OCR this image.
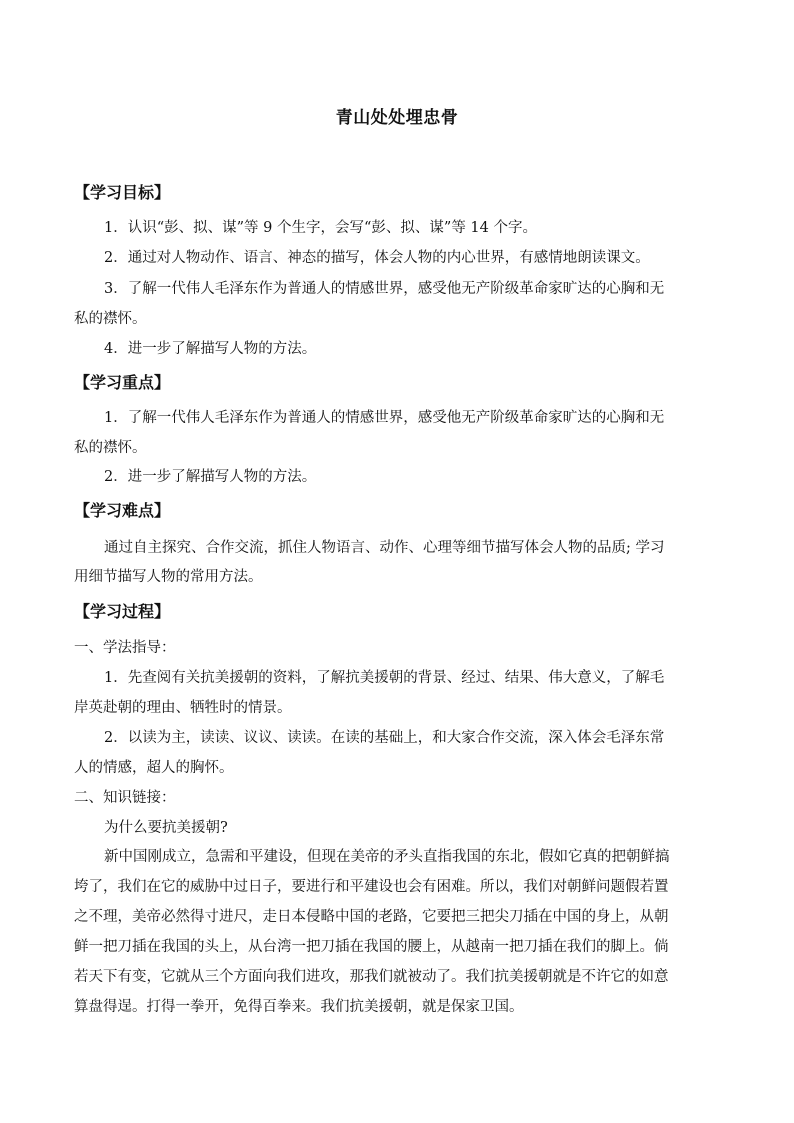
青山处处埋忠骨
【学习目标】
1．认识“彭、拟、谋”等 9 个生字，会写“彭、拟、谋”等 14 个字。
2．通过对人物动作、语言、神态的描写，体会人物的内心世界，有感情地朗读课文。
3．了解一代伟人毛泽东作为普通人的情感世界，感受他无产阶级革命家旷达的心胸和无
私的襟怀。
4．进一步了解描写人物的方法。
【学习重点】
1．了解一代伟人毛泽东作为普通人的情感世界，感受他无产阶级革命家旷达的心胸和无
私的襟怀。
2．进一步了解描写人物的方法。
【学习难点】
通过自主探究、合作交流，抓住人物语言、动作、心理等细节描写体会人物的品质; 学习
用细节描写人物的常用方法。
【学习过程】
一、学法指导：
1．先查阅有关抗美援朝的资料，了解抗美援朝的背景、经过、结果、伟大意义，了解毛
岸英赴朝的理由、牺牲时的情景。
2．以读为主，读读、议议、读读。在读的基础上，和大家合作交流，深入体会毛泽东常
人的情感，超人的胸怀。
二、知识链接：
为什么要抗美援朝?
新中国刚成立，急需和平建设，但现在美帝的矛头直指我国的东北，假如它真的把朝鲜搞
垮了，我们在它的威胁中过日子，要进行和平建设也会有困难。所以，我们对朝鲜问题假若置
之不理，美帝必然得寸进尺，走日本侵略中国的老路，它要把三把尖刀插在中国的身上，从朝
鲜一把刀插在我国的头上，从台湾一把刀插在我国的腰上，从越南一把刀插在我们的脚上。倘
若天下有变，它就从三个方面向我们进攻，那我们就被动了。我们抗美援朝就是不许它的如意
算盘得逞。打得一拳开，免得百拳来。我们抗美援朝，就是保家卫国。
